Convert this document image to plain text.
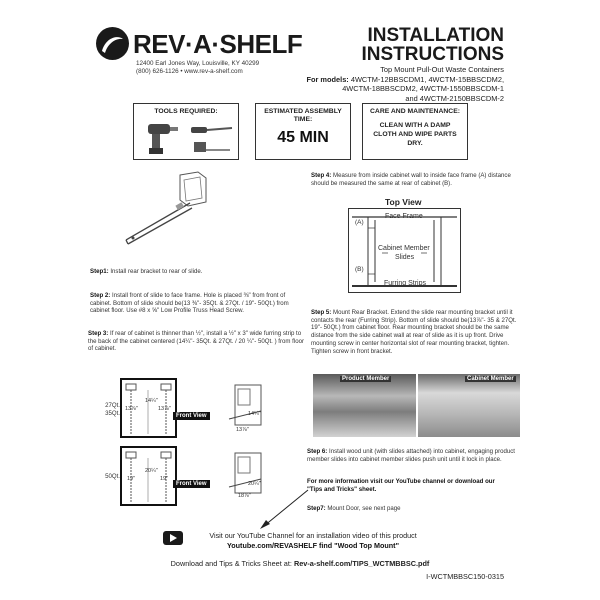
REV·A·SHELF
12400 Earl Jones Way, Louisville, KY 40299
(800) 626-1126 • www.rev-a-shelf.com
INSTALLATION
INSTRUCTIONS
Top Mount Pull-Out Waste Containers
For models: 4WCTM-12BBSCDM1, 4WCTM-15BBSCDM2,
4WCTM-18BBSCDM2, 4WCTM-1550BBSCDM-1
and 4WCTM-2150BBSCDM-2
TOOLS REQUIRED:	ESTIMATED ASSEMBLY TIME:
45 MIN
CARE AND MAINTENANCE:
CLEAN WITH A DAMP CLOTH AND WIPE PARTS DRY.
Step 4: Measure from inside cabinet wall to inside face frame (A) distance should be measured the same at rear of cabinet (B).
Top View
Face Frame
(A)
(B)
Cabinet Member
Slides
Furring Strips
Step1: Install rear bracket to rear of slide.
Step 2: Install front of slide to face frame. Hole is placed ⅜" from front of cabinet. Bottom of slide should be(13 ⅜"- 35Qt. & 27Qt. / 19"- 50Qt.) from cabinet floor. Use #8 x ⅝" Low Profile Truss Head Screw.
Step 3: If rear of cabinet is thinner than ½", install a ½" x 3" wide furring strip to the back of the cabinet centered (14¼"- 35Qt. & 27Qt. / 20 ¼"- 50Qt. ) from floor of cabinet.
Step 5: Mount Rear Bracket. Extend the slide rear mounting bracket until it contacts the rear (Furring Strip). Bottom of slide should be(13⅞"- 35 & 27Qt. 19"- 50Qt.) from cabinet floor. Rear mounting bracket should be the same distance from the side cabinet wall at rear of slide as it is up front. Drive mounting screw in center horizontal slot of rear mounting bracket, tighten. Tighten screw in front bracket.
Product Member	Cabinet Member
27Qt.
35Qt.
14¼"
13⅞"	13⅞"
Front View	14¼"
13⅞"
50Qt.
20¼"
19"	19"
Front View	20¼"
18⅞"
Step 6: Install wood unit (with slides attached) into cabinet, engaging product member slides into cabinet member slides push unit until it lock in place.
For more information visit our YouTube channel or download our "Tips and Tricks" sheet.
Step7: Mount Door, see next page
Visit our YouTube Channel for an installation video of this product
Youtube.com/REVASHELF find "Wood Top Mount"
Download and Tips & Tricks Sheet at: Rev-a-shelf.com/TIPS_WCTMBBSC.pdf
I-WCTMBBSC150-0315
